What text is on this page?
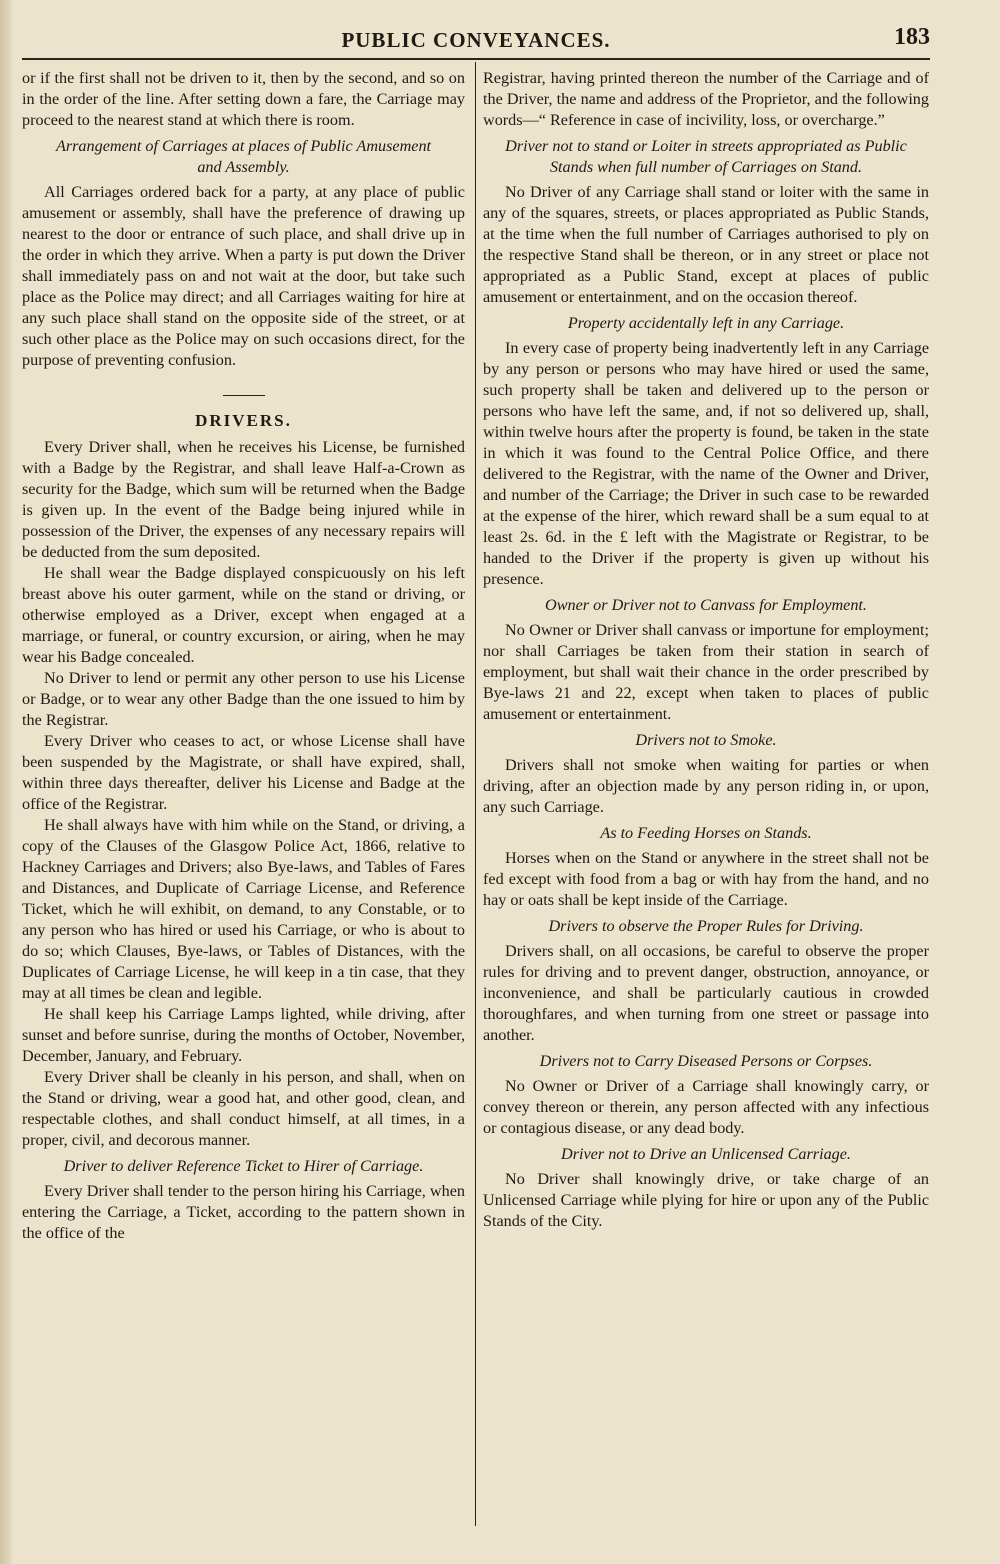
PUBLIC CONVEYANCES.	183

or if the first shall not be driven to it, then by the second, and so on in the order of the line. After setting down a fare, the Carriage may proceed to the nearest stand at which there is room.

Arrangement of Carriages at places of Public Amusement and Assembly.

All Carriages ordered back for a party, at any place of public amusement or assembly, shall have the preference of drawing up nearest to the door or entrance of such place, and shall drive up in the order in which they arrive. When a party is put down the Driver shall immediately pass on and not wait at the door, but take such place as the Police may direct; and all Carriages waiting for hire at any such place shall stand on the opposite side of the street, or at such other place as the Police may on such occasions direct, for the purpose of preventing confusion.

DRIVERS.

Every Driver shall, when he receives his License, be furnished with a Badge by the Registrar, and shall leave Half-a-Crown as security for the Badge, which sum will be returned when the Badge is given up. In the event of the Badge being injured while in possession of the Driver, the expenses of any necessary repairs will be deducted from the sum deposited.

He shall wear the Badge displayed conspicuously on his left breast above his outer garment, while on the stand or driving, or otherwise employed as a Driver, except when engaged at a marriage, or funeral, or country excursion, or airing, when he may wear his Badge concealed.

No Driver to lend or permit any other person to use his License or Badge, or to wear any other Badge than the one issued to him by the Registrar.

Every Driver who ceases to act, or whose License shall have been suspended by the Magistrate, or shall have expired, shall, within three days thereafter, deliver his License and Badge at the office of the Registrar.

He shall always have with him while on the Stand, or driving, a copy of the Clauses of the Glasgow Police Act, 1866, relative to Hackney Carriages and Drivers; also Bye-laws, and Tables of Fares and Distances, and Duplicate of Carriage License, and Reference Ticket, which he will exhibit, on demand, to any Constable, or to any person who has hired or used his Carriage, or who is about to do so; which Clauses, Bye-laws, or Tables of Distances, with the Duplicates of Carriage License, he will keep in a tin case, that they may at all times be clean and legible.

He shall keep his Carriage Lamps lighted, while driving, after sunset and before sunrise, during the months of October, November, December, January, and February.

Every Driver shall be cleanly in his person, and shall, when on the Stand or driving, wear a good hat, and other good, clean, and respectable clothes, and shall conduct himself, at all times, in a proper, civil, and decorous manner.

Driver to deliver Reference Ticket to Hirer of Carriage.

Every Driver shall tender to the person hiring his Carriage, when entering the Carriage, a Ticket, according to the pattern shown in the office of the

Registrar, having printed thereon the number of the Carriage and of the Driver, the name and address of the Proprietor, and the following words—“ Reference in case of incivility, loss, or overcharge.”

Driver not to stand or Loiter in streets appropriated as Public Stands when full number of Carriages on Stand.

No Driver of any Carriage shall stand or loiter with the same in any of the squares, streets, or places appropriated as Public Stands, at the time when the full number of Carriages authorised to ply on the respective Stand shall be thereon, or in any street or place not appropriated as a Public Stand, except at places of public amusement or entertainment, and on the occasion thereof.

Property accidentally left in any Carriage.

In every case of property being inadvertently left in any Carriage by any person or persons who may have hired or used the same, such property shall be taken and delivered up to the person or persons who have left the same, and, if not so delivered up, shall, within twelve hours after the property is found, be taken in the state in which it was found to the Central Police Office, and there delivered to the Registrar, with the name of the Owner and Driver, and number of the Carriage; the Driver in such case to be rewarded at the expense of the hirer, which reward shall be a sum equal to at least 2s. 6d. in the £ left with the Magistrate or Registrar, to be handed to the Driver if the property is given up without his presence.

Owner or Driver not to Canvass for Employment.

No Owner or Driver shall canvass or importune for employment; nor shall Carriages be taken from their station in search of employment, but shall wait their chance in the order prescribed by Bye-laws 21 and 22, except when taken to places of public amusement or entertainment.

Drivers not to Smoke.

Drivers shall not smoke when waiting for parties or when driving, after an objection made by any person riding in, or upon, any such Carriage.

As to Feeding Horses on Stands.

Horses when on the Stand or anywhere in the street shall not be fed except with food from a bag or with hay from the hand, and no hay or oats shall be kept inside of the Carriage.

Drivers to observe the Proper Rules for Driving.

Drivers shall, on all occasions, be careful to observe the proper rules for driving and to prevent danger, obstruction, annoyance, or inconvenience, and shall be particularly cautious in crowded thoroughfares, and when turning from one street or passage into another.

Drivers not to Carry Diseased Persons or Corpses.

No Owner or Driver of a Carriage shall knowingly carry, or convey thereon or therein, any person affected with any infectious or contagious disease, or any dead body.

Driver not to Drive an Unlicensed Carriage.

No Driver shall knowingly drive, or take charge of an Unlicensed Carriage while plying for hire or upon any of the Public Stands of the City.
